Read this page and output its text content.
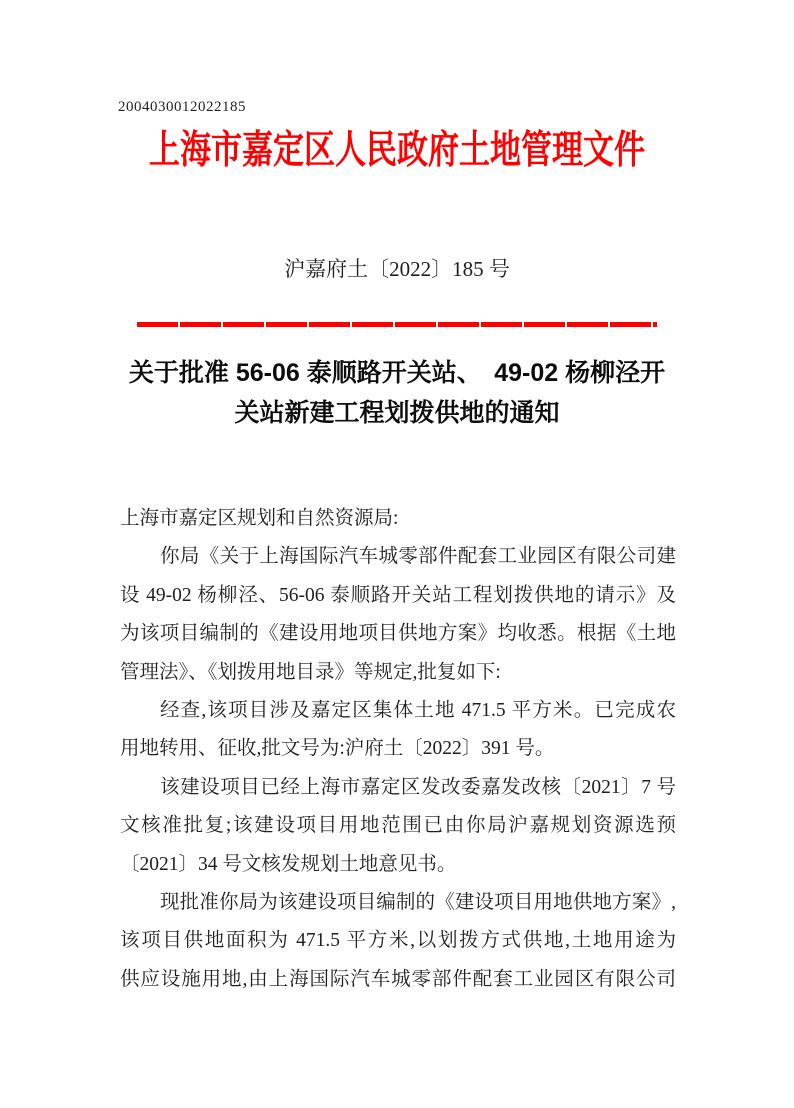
2004030012022185
上海市嘉定区人民政府土地管理文件
沪嘉府土〔2022〕185 号
关于批准 56-06 泰顺路开关站、　49-02 杨柳泾开
关站新建工程划拨供地的通知
上海市嘉定区规划和自然资源局:
你局《关于上海国际汽车城零部件配套工业园区有限公司建
设 49-02 杨柳泾、56-06 泰顺路开关站工程划拨供地的请示》及
为该项目编制的《建设用地项目供地方案》均收悉。根据《土地
管理法》、《划拨用地目录》等规定,批复如下:
经查,该项目涉及嘉定区集体土地 471.5 平方米。已完成农
用地转用、征收,批文号为:沪府土〔2022〕391 号。
该建设项目已经上海市嘉定区发改委嘉发改核〔2021〕7 号
文核准批复;该建设项目用地范围已由你局沪嘉规划资源选预
〔2021〕34 号文核发规划土地意见书。
现批准你局为该建设项目编制的《建设项目用地供地方案》,
该项目供地面积为 471.5 平方米,以划拨方式供地,土地用途为
供应设施用地,由上海国际汽车城零部件配套工业园区有限公司
